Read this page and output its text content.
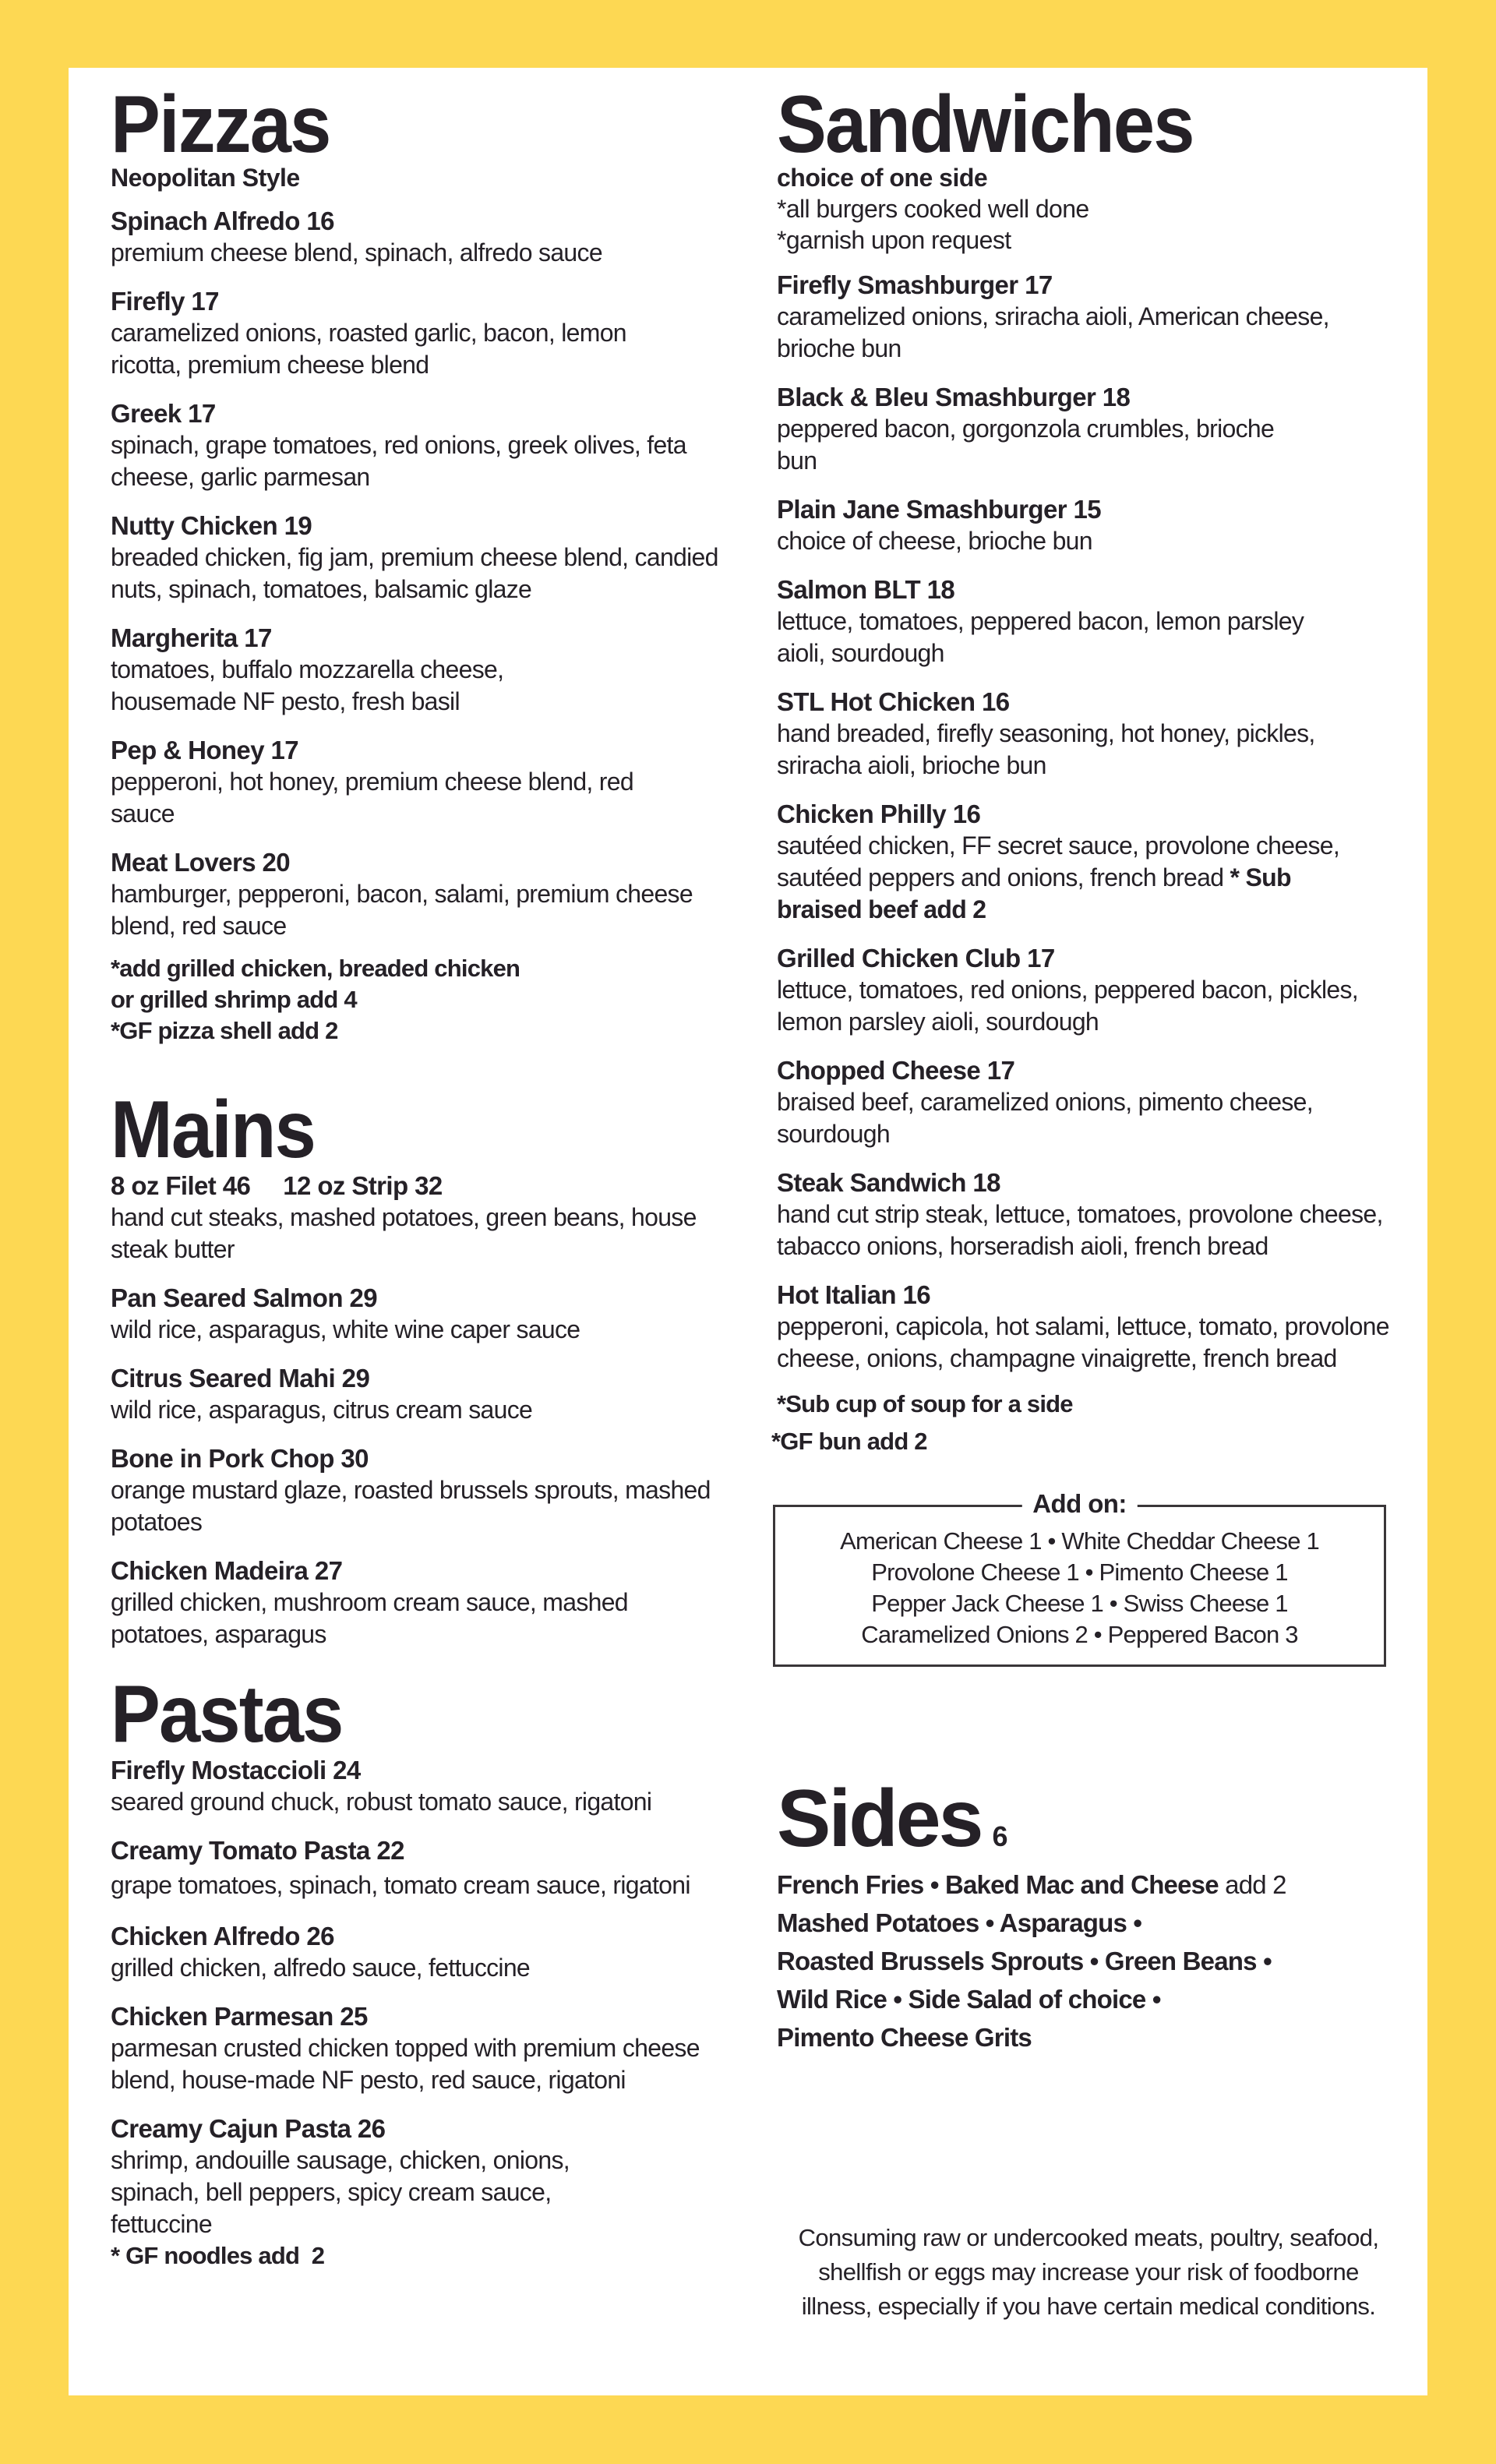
Pizzas
Neopolitan Style
Spinach Alfredo 16
premium cheese blend, spinach, alfredo sauce
Firefly 17
caramelized onions, roasted garlic, bacon, lemon ricotta, premium cheese blend
Greek 17
spinach, grape tomatoes, red onions, greek olives, feta cheese, garlic parmesan
Nutty Chicken 19
breaded chicken, fig jam, premium cheese blend, candied nuts, spinach, tomatoes, balsamic glaze
Margherita 17
tomatoes, buffalo mozzarella cheese, housemade NF pesto, fresh basil
Pep & Honey 17
pepperoni, hot honey, premium cheese blend, red sauce
Meat Lovers 20
hamburger, pepperoni, bacon, salami, premium cheese blend, red sauce
*add grilled chicken, breaded chicken
or grilled shrimp add 4
*GF pizza shell add 2
Mains
8 oz Filet 46 12 oz Strip 32
hand cut steaks, mashed potatoes, green beans, house steak butter
Pan Seared Salmon 29
wild rice, asparagus, white wine caper sauce
Citrus Seared Mahi 29
wild rice, asparagus, citrus cream sauce
Bone in Pork Chop 30
orange mustard glaze, roasted brussels sprouts, mashed potatoes
Chicken Madeira 27
grilled chicken, mushroom cream sauce, mashed potatoes, asparagus
Pastas
Firefly Mostaccioli 24
seared ground chuck, robust tomato sauce, rigatoni
Creamy Tomato Pasta 22
grape tomatoes, spinach, tomato cream sauce, rigatoni
Chicken Alfredo 26
grilled chicken, alfredo sauce, fettuccine
Chicken Parmesan 25
parmesan crusted chicken topped with premium cheese blend, house-made NF pesto, red sauce, rigatoni
Creamy Cajun Pasta 26
shrimp, andouille sausage, chicken, onions, spinach, bell peppers, spicy cream sauce, fettuccine
* GF noodles add  2
Sandwiches
choice of one side
*all burgers cooked well done
*garnish upon request
Firefly Smashburger 17
caramelized onions, sriracha aioli, American cheese, brioche bun
Black & Bleu Smashburger 18
peppered bacon, gorgonzola crumbles, brioche bun
Plain Jane Smashburger 15
choice of cheese, brioche bun
Salmon BLT 18
lettuce, tomatoes, peppered bacon, lemon parsley aioli, sourdough
STL Hot Chicken 16
hand breaded, firefly seasoning, hot honey, pickles, sriracha aioli, brioche bun
Chicken Philly 16
sautéed chicken, FF secret sauce, provolone cheese, sautéed peppers and onions, french bread * Sub braised beef add 2
Grilled Chicken Club 17
lettuce, tomatoes, red onions, peppered bacon, pickles, lemon parsley aioli, sourdough
Chopped Cheese 17
braised beef, caramelized onions, pimento cheese, sourdough
Steak Sandwich 18
hand cut strip steak, lettuce, tomatoes, provolone cheese, tabacco onions, horseradish aioli, french bread
Hot Italian 16
pepperoni, capicola, hot salami, lettuce, tomato, provolone cheese, onions, champagne vinaigrette, french bread
*Sub cup of soup for a side
*GF bun add 2
Add on:
American Cheese 1 • White Cheddar Cheese 1
Provolone Cheese 1 • Pimento Cheese 1
Pepper Jack Cheese 1 • Swiss Cheese 1
Caramelized Onions 2 • Peppered Bacon 3
Sides 6
French Fries • Baked Mac and Cheese add 2
Mashed Potatoes • Asparagus •
Roasted Brussels Sprouts • Green Beans •
Wild Rice • Side Salad of choice •
Pimento Cheese Grits
Consuming raw or undercooked meats, poultry, seafood, shellfish or eggs may increase your risk of foodborne illness, especially if you have certain medical conditions.
